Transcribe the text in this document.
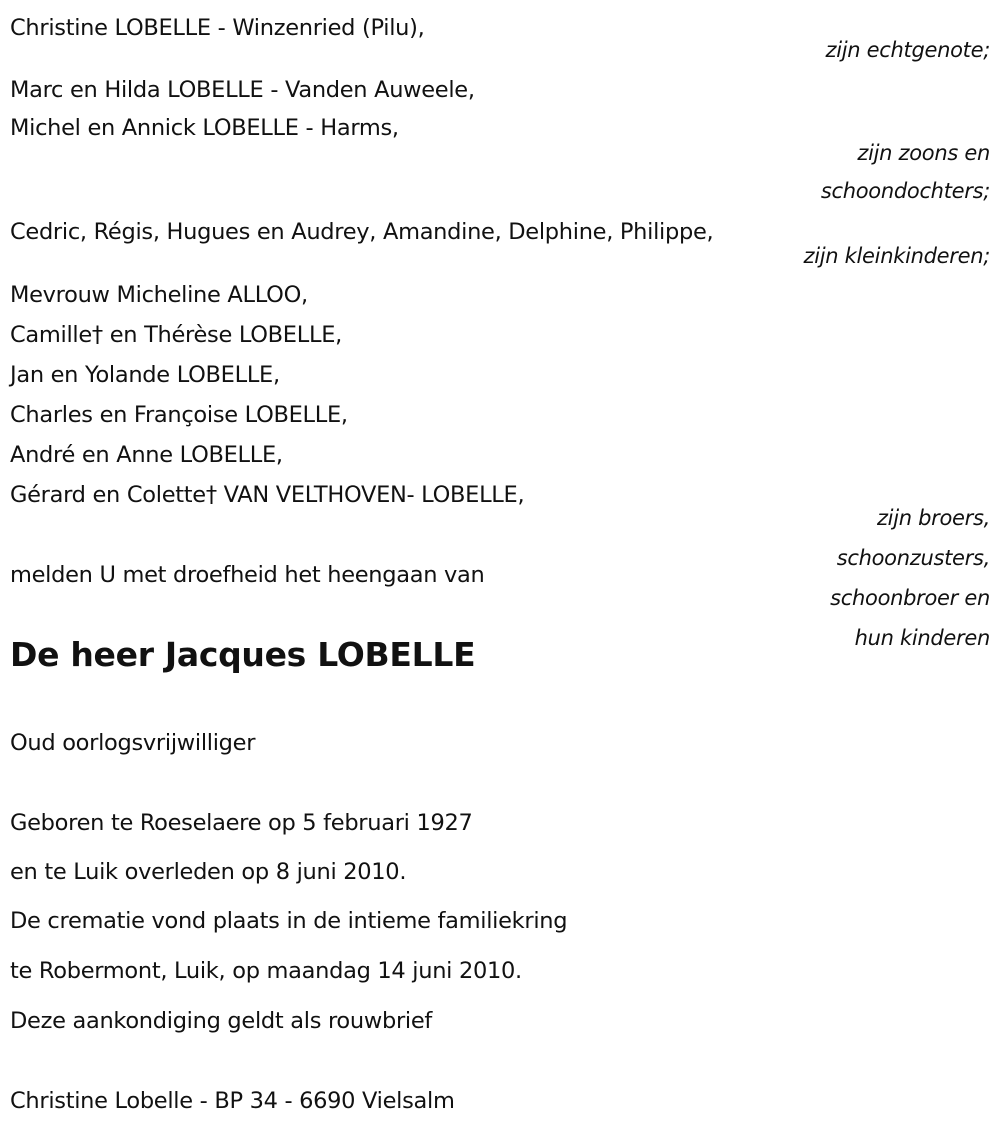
Christine LOBELLE - Winzenried (Pilu),
zijn echtgenote;
Marc en Hilda LOBELLE - Vanden Auweele,
Michel en Annick LOBELLE - Harms,
zijn zoons en
schoondochters;
Cedric, Régis, Hugues en Audrey, Amandine, Delphine, Philippe,
zijn kleinkinderen;
Mevrouw Micheline ALLOO,
Camille† en Thérèse LOBELLE,
Jan en Yolande LOBELLE,
Charles en Françoise LOBELLE,
André en Anne LOBELLE,
Gérard en Colette† VAN VELTHOVEN- LOBELLE,
zijn broers,
schoonzusters,
schoonbroer en
hun kinderen
melden U met droefheid het heengaan van
De heer Jacques LOBELLE
Oud oorlogsvrijwilliger
Geboren te Roeselaere op 5 februari 1927
en te Luik overleden op 8 juni 2010.
De crematie vond plaats in de intieme familiekring
te Robermont, Luik, op maandag 14 juni 2010.
Deze aankondiging geldt als rouwbrief
Christine Lobelle - BP 34 - 6690 Vielsalm
